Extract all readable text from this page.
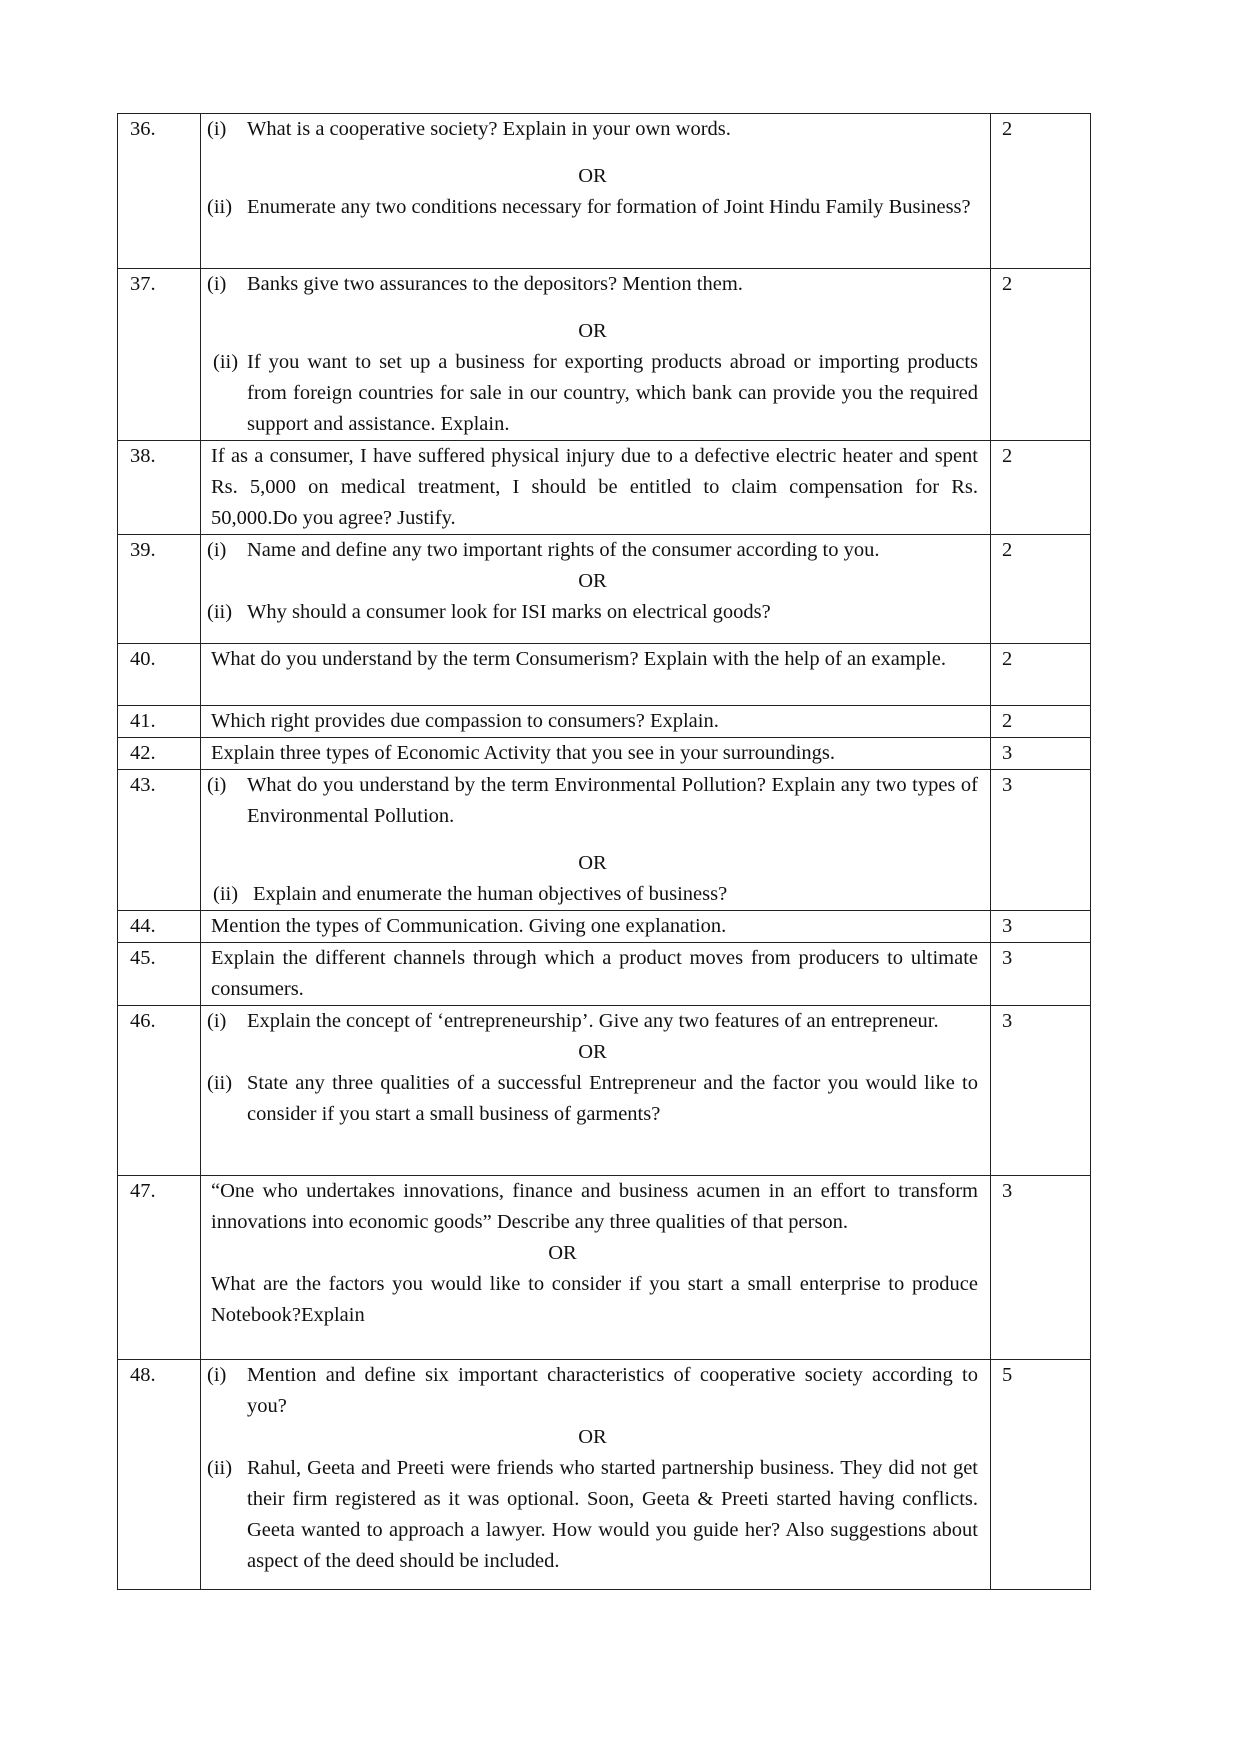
36.	(i) What is a cooperative society? Explain in your own words.
OR
(ii) Enumerate any two conditions necessary for formation of Joint Hindu Family Business?	2
37.	(i) Banks give two assurances to the depositors? Mention them.
OR
(ii) If you want to set up a business for exporting products abroad or importing products from foreign countries for sale in our country, which bank can provide you the required support and assistance. Explain.	2
38.	If as a consumer, I have suffered physical injury due to a defective electric heater and spent Rs. 5,000 on medical treatment, I should be entitled to claim compensation for Rs. 50,000.Do you agree? Justify.	2
39.	(i) Name and define any two important rights of the consumer according to you.
OR
(ii) Why should a consumer look for ISI marks on electrical goods?	2
40.	What do you understand by the term Consumerism? Explain with the help of an example.	2
41.	Which right provides due compassion to consumers? Explain.	2
42.	Explain three types of Economic Activity that you see in your surroundings.	3
43.	(i) What do you understand by the term Environmental Pollution? Explain any two types of Environmental Pollution.
OR
(ii) Explain and enumerate the human objectives of business?	3
44.	Mention the types of Communication. Giving one explanation.	3
45.	Explain the different channels through which a product moves from producers to ultimate consumers.	3
46.	(i) Explain the concept of ‘entrepreneurship’. Give any two features of an entrepreneur.
OR
(ii) State any three qualities of a successful Entrepreneur and the factor you would like to consider if you start a small business of garments?	3
47.	“One who undertakes innovations, finance and business acumen in an effort to transform innovations into economic goods” Describe any three qualities of that person.
OR
What are the factors you would like to consider if you start a small enterprise to produce Notebook?Explain	3
48.	(i) Mention and define six important characteristics of cooperative society according to you?
OR
(ii) Rahul, Geeta and Preeti were friends who started partnership business. They did not get their firm registered as it was optional. Soon, Geeta & Preeti started having conflicts. Geeta wanted to approach a lawyer. How would you guide her? Also suggestions about aspect of the deed should be included.	5
